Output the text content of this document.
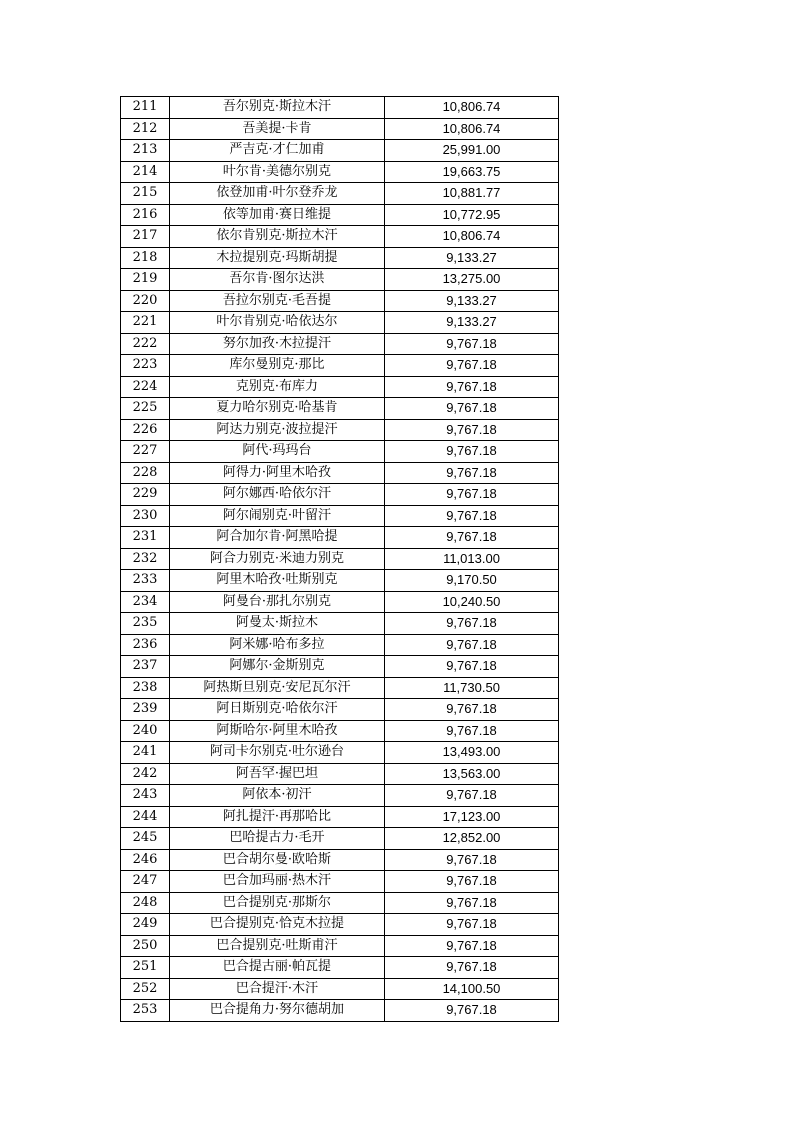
211	吾尔别克·斯拉木汗	10,806.74
212	吾美提·卡肯	10,806.74
213	严吉克·才仁加甫	25,991.00
214	叶尔肯·美德尔别克	19,663.75
215	依登加甫·叶尔登乔龙	10,881.77
216	依等加甫·赛日维提	10,772.95
217	依尔肯别克·斯拉木汗	10,806.74
218	木拉提别克·玛斯胡提	9,133.27
219	吾尔肯·图尔达洪	13,275.00
220	吾拉尔别克·毛吾提	9,133.27
221	叶尔肯别克·哈依达尔	9,133.27
222	努尔加孜·木拉提汗	9,767.18
223	库尔曼别克·那比	9,767.18
224	克别克·布库力	9,767.18
225	夏力哈尔别克·哈基肯	9,767.18
226	阿达力别克·波拉提汗	9,767.18
227	阿代·玛玛台	9,767.18
228	阿得力·阿里木哈孜	9,767.18
229	阿尔娜西·哈依尔汗	9,767.18
230	阿尔闹别克·叶留汗	9,767.18
231	阿合加尔肯·阿黑哈提	9,767.18
232	阿合力别克·米迪力别克	11,013.00
233	阿里木哈孜·吐斯别克	9,170.50
234	阿曼台·那扎尔别克	10,240.50
235	阿曼太·斯拉木	9,767.18
236	阿米娜·哈布多拉	9,767.18
237	阿娜尔·金斯别克	9,767.18
238	阿热斯旦别克·安尼瓦尔汗	11,730.50
239	阿日斯别克·哈依尔汗	9,767.18
240	阿斯哈尔·阿里木哈孜	9,767.18
241	阿司卡尔别克·吐尔逊台	13,493.00
242	阿吾罕·握巴坦	13,563.00
243	阿依本·初汗	9,767.18
244	阿扎提汗·再那哈比	17,123.00
245	巴哈提古力·毛开	12,852.00
246	巴合胡尔曼·欧哈斯	9,767.18
247	巴合加玛丽·热木汗	9,767.18
248	巴合提别克·那斯尔	9,767.18
249	巴合提别克·恰克木拉提	9,767.18
250	巴合提别克·吐斯甫汗	9,767.18
251	巴合提古丽·帕瓦提	9,767.18
252	巴合提汗·木汗	14,100.50
253	巴合提角力·努尔德胡加	9,767.18
